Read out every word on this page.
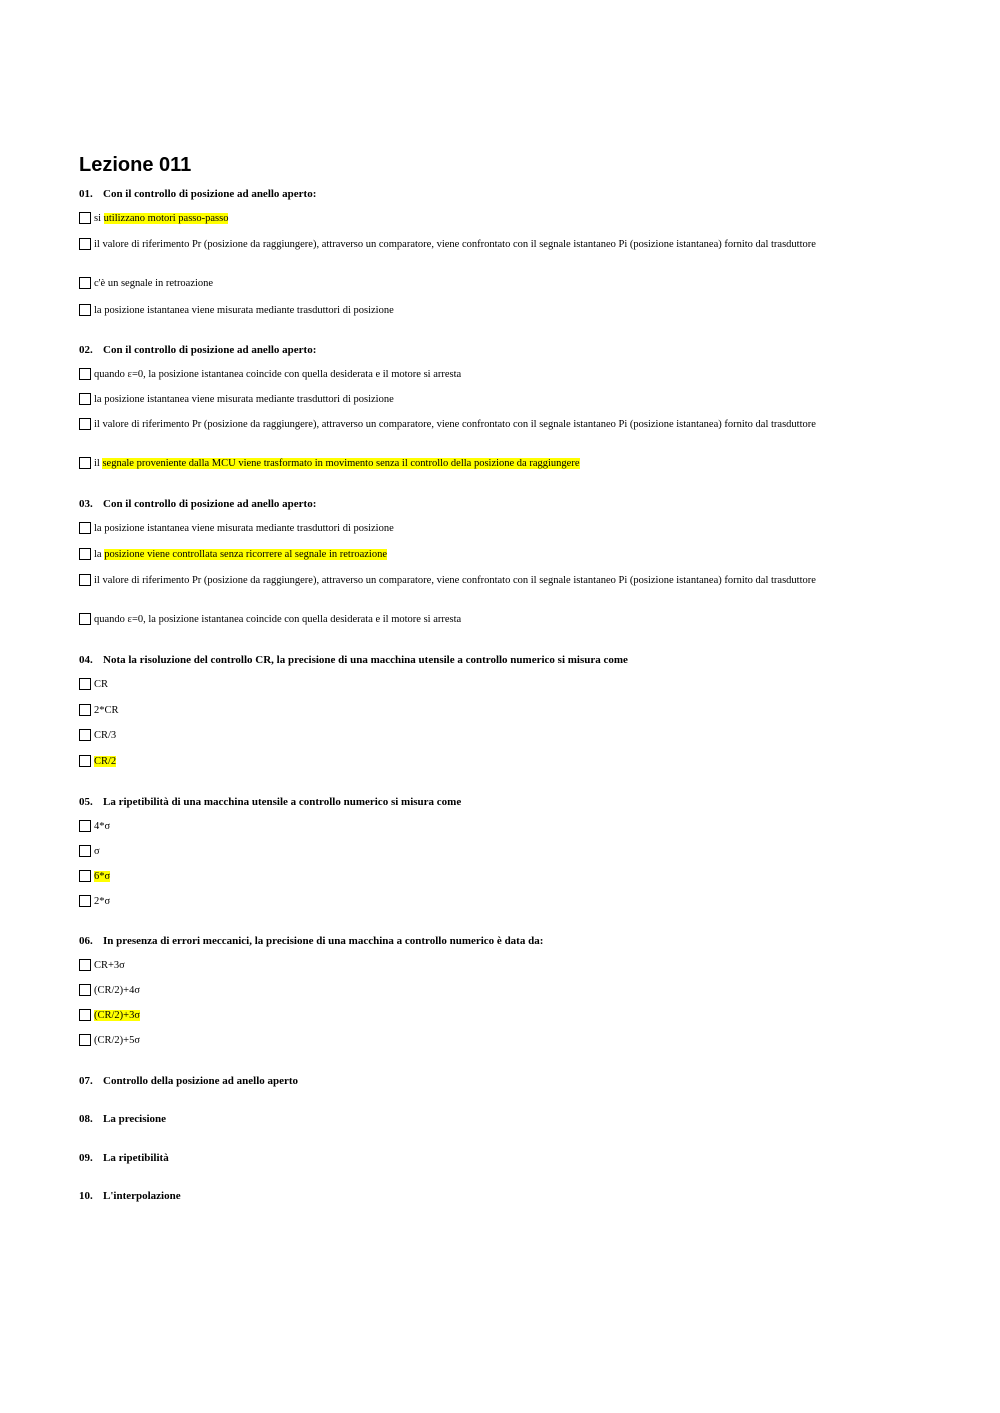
Lezione 011
01. Con il controllo di posizione ad anello aperto:
si utilizzano motori passo-passo
il valore di riferimento Pr (posizione da raggiungere), attraverso un comparatore, viene confrontato con il segnale istantaneo Pi (posizione istantanea) fornito dal trasduttore
c'è un segnale in retroazione
la posizione istantanea viene misurata mediante trasduttori di posizione
02. Con il controllo di posizione ad anello aperto:
quando ε=0, la posizione istantanea coincide con quella desiderata e il motore si arresta
la posizione istantanea viene misurata mediante trasduttori di posizione
il valore di riferimento Pr (posizione da raggiungere), attraverso un comparatore, viene confrontato con il segnale istantaneo Pi (posizione istantanea) fornito dal trasduttore
il segnale proveniente dalla MCU viene trasformato in movimento senza il controllo della posizione da raggiungere
03. Con il controllo di posizione ad anello aperto:
la posizione istantanea viene misurata mediante trasduttori di posizione
la posizione viene controllata senza ricorrere al segnale in retroazione
il valore di riferimento Pr (posizione da raggiungere), attraverso un comparatore, viene confrontato con il segnale istantaneo Pi (posizione istantanea) fornito dal trasduttore
quando ε=0, la posizione istantanea coincide con quella desiderata e il motore si arresta
04. Nota la risoluzione del controllo CR, la precisione di una macchina utensile a controllo numerico si misura come
CR
2*CR
CR/3
CR/2
05. La ripetibilità di una macchina utensile a controllo numerico si misura come
4*σ
σ
6*σ
2*σ
06. In presenza di errori meccanici, la precisione di una macchina a controllo numerico è data da:
CR+3σ
(CR/2)+4σ
(CR/2)+3σ
(CR/2)+5σ
07. Controllo della posizione ad anello aperto
08. La precisione
09. La ripetibilità
10. L'interpolazione
